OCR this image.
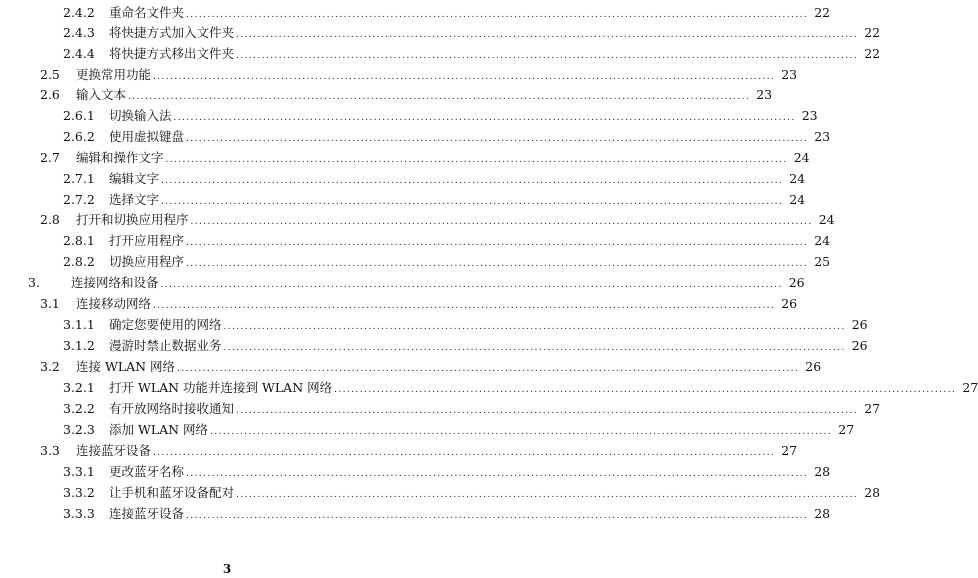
2.4.2	重命名文件夹 .................................................................................................................................................. 22
2.4.3	将快捷方式加入文件夹 .................................................................................................................................................. 22
2.4.4	将快捷方式移出文件夹 .................................................................................................................................................. 22
2.5	更换常用功能 .................................................................................................................................................. 23
2.6	输入文本 .................................................................................................................................................. 23
2.6.1	切换输入法 .................................................................................................................................................. 23
2.6.2	使用虚拟键盘 .................................................................................................................................................. 23
2.7	编辑和操作文字 .................................................................................................................................................. 24
2.7.1	编辑文字 .................................................................................................................................................. 24
2.7.2	选择文字 .................................................................................................................................................. 24
2.8	打开和切换应用程序 .................................................................................................................................................. 24
2.8.1	打开应用程序 .................................................................................................................................................. 24
2.8.2	切换应用程序 .................................................................................................................................................. 25
3.	连接网络和设备 .................................................................................................................................................. 26
3.1	连接移动网络 .................................................................................................................................................. 26
3.1.1	确定您要使用的网络 .................................................................................................................................................. 26
3.1.2	漫游时禁止数据业务 .................................................................................................................................................. 26
3.2	连接 WLAN 网络 .................................................................................................................................................. 26
3.2.1	打开 WLAN 功能并连接到 WLAN 网络 .................................................................................................................................................. 27
3.2.2	有开放网络时接收通知 .................................................................................................................................................. 27
3.2.3	添加 WLAN 网络 .................................................................................................................................................. 27
3.3	连接蓝牙设备 .................................................................................................................................................. 27
3.3.1	更改蓝牙名称 .................................................................................................................................................. 28
3.3.2	让手机和蓝牙设备配对 .................................................................................................................................................. 28
3.3.3	连接蓝牙设备 .................................................................................................................................................. 28
3
